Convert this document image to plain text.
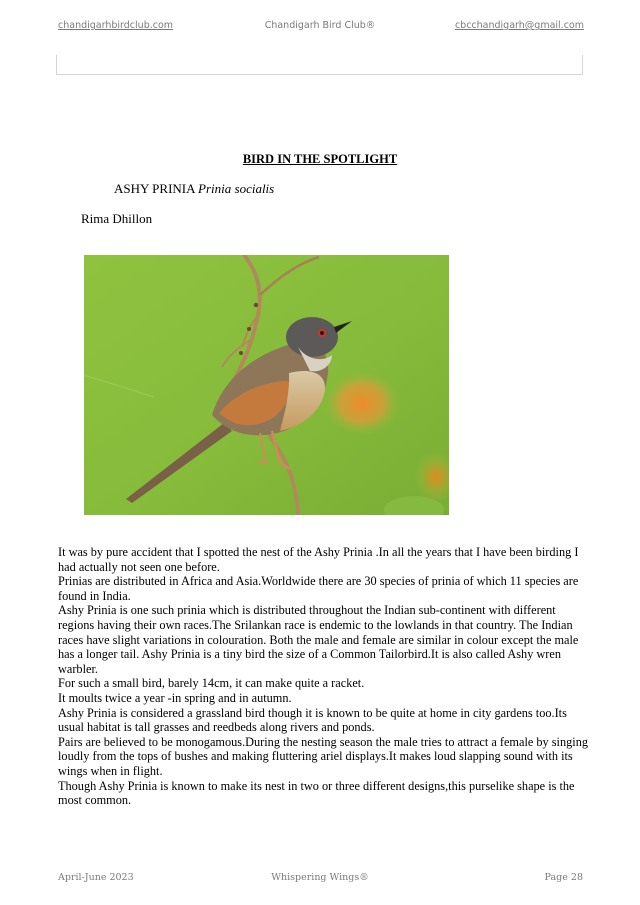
chandigarhbirdclub.com	Chandigarh Bird Club®	cbcchandigarh@gmail.com
BIRD IN THE SPOTLIGHT
ASHY PRINIA Prinia socialis
Rima Dhillon

It was by pure accident that I spotted the nest of the Ashy Prinia .In all the years that I have been birding I had actually not seen one before.

Prinias are distributed in Africa and Asia.Worldwide there are 30 species of prinia of which 11 species are found in India.

Ashy Prinia is one such prinia which is distributed throughout the Indian sub-continent with different regions having their own races.The Srilankan race is endemic to the lowlands in that country. The Indian races have slight variations in colouration. Both the male and female are similar in colour except the male has a longer tail. Ashy Prinia is a tiny bird the size of a Common Tailorbird.It is also called Ashy wren warbler.

For such a small bird, barely 14cm, it can make quite a racket.

It moults twice a year -in spring and in autumn.

Ashy Prinia is considered a grassland bird though it is known to be quite at home in city gardens too.Its usual habitat is tall grasses and reedbeds along rivers and ponds.

Pairs are believed to be monogamous.During the nesting season the male tries to attract a female by singing loudly from the tops of bushes and making fluttering ariel displays.It makes loud slapping sound with its wings when in flight.

Though Ashy Prinia is known to make its nest in two or three different designs,this purselike shape is the most common.

April-June 2023	Whispering Wings®	Page 28
